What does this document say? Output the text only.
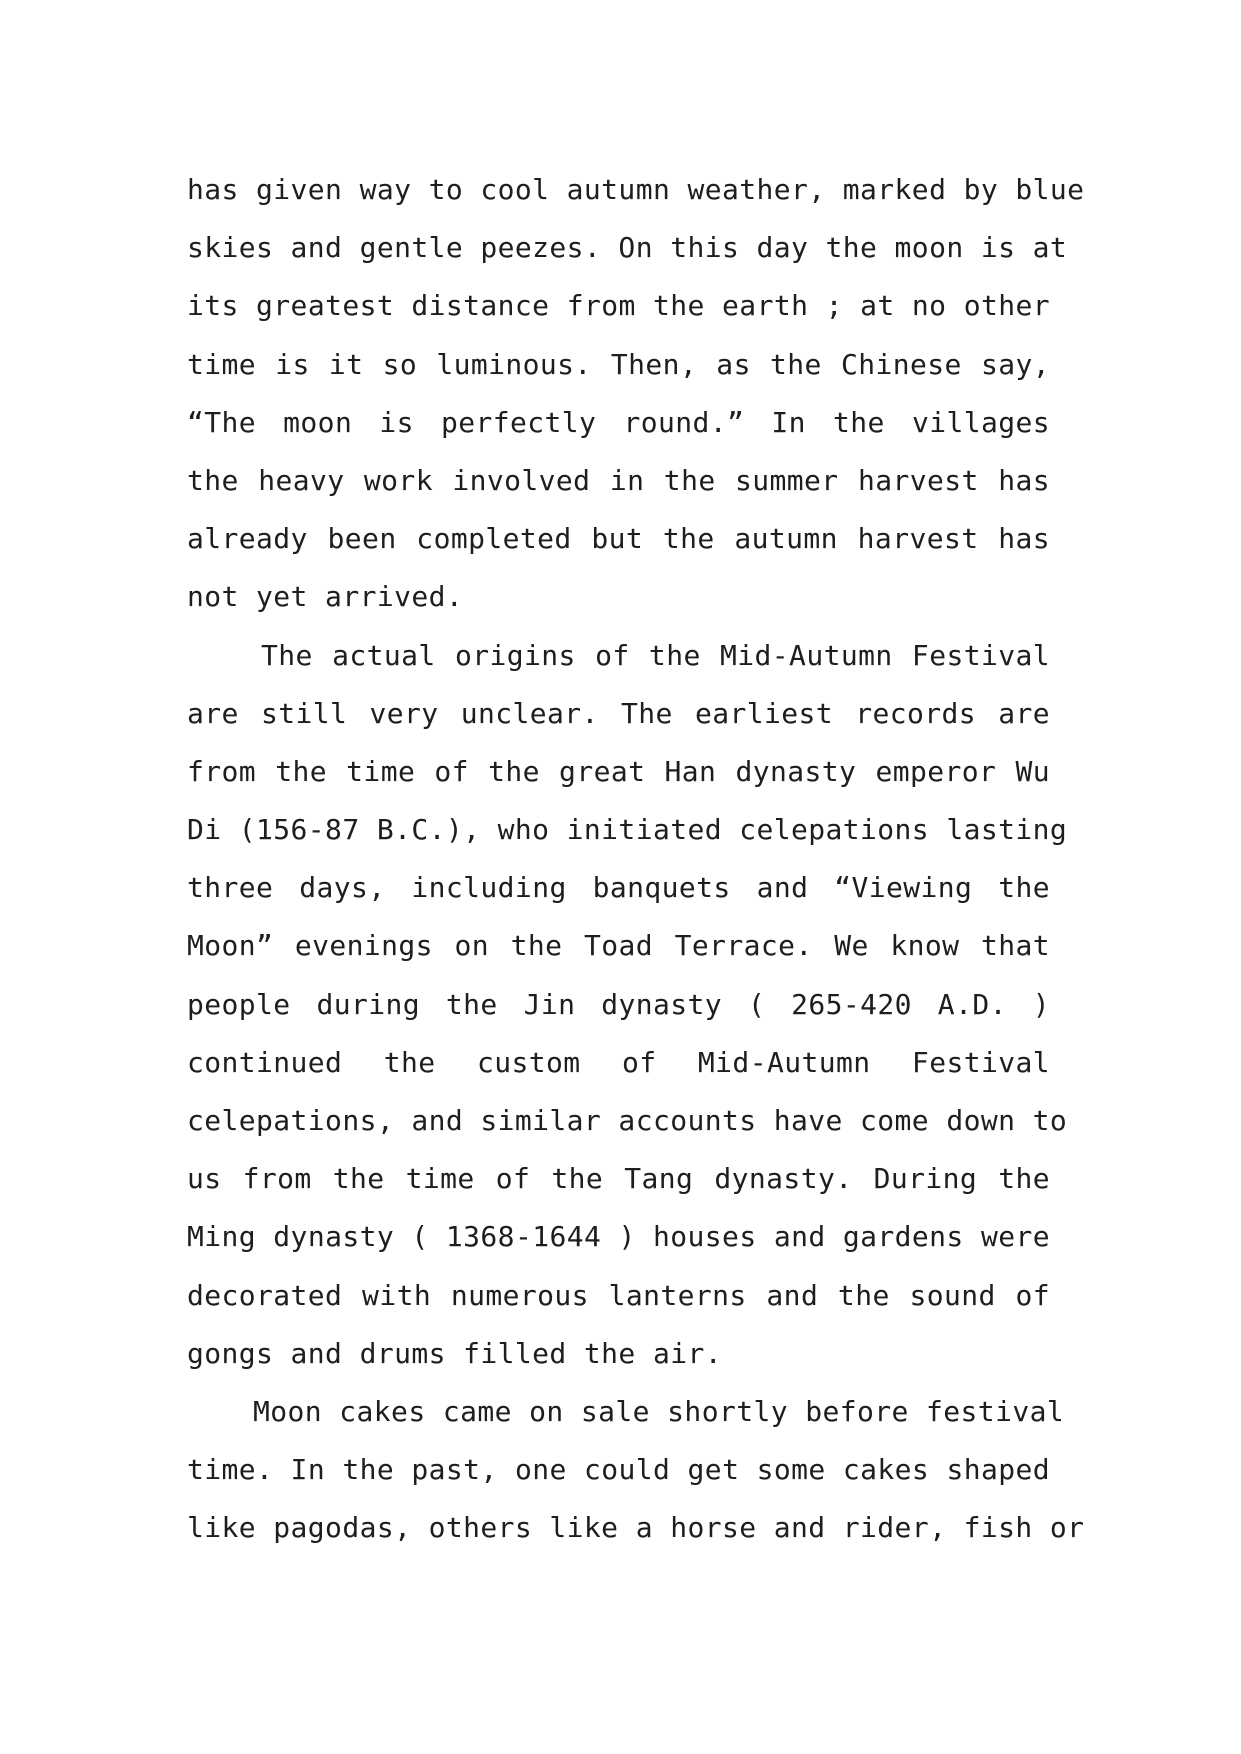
has given way to cool autumn weather, marked by blue
skies and gentle peezes. On this day the moon is at
its greatest distance from the earth ; at no other
time is it so luminous. Then, as the Chinese say,
“The moon is perfectly round.” In the villages
the heavy work involved in the summer harvest has
already been completed but the autumn harvest has
not yet arrived.
The actual origins of the Mid-Autumn Festival
are still very unclear. The earliest records are
from the time of the great Han dynasty emperor Wu
Di (156-87 B.C.), who initiated celepations lasting
three days, including banquets and “Viewing the
Moon” evenings on the Toad Terrace. We know that
people during the Jin dynasty ( 265-420 A.D. )
continued the custom of Mid-Autumn Festival
celepations, and similar accounts have come down to
us from the time of the Tang dynasty. During the
Ming dynasty ( 1368-1644 ) houses and gardens were
decorated with numerous lanterns and the sound of
gongs and drums filled the air.
Moon cakes came on sale shortly before festival
time. In the past, one could get some cakes shaped
like pagodas, others like a horse and rider, fish or
